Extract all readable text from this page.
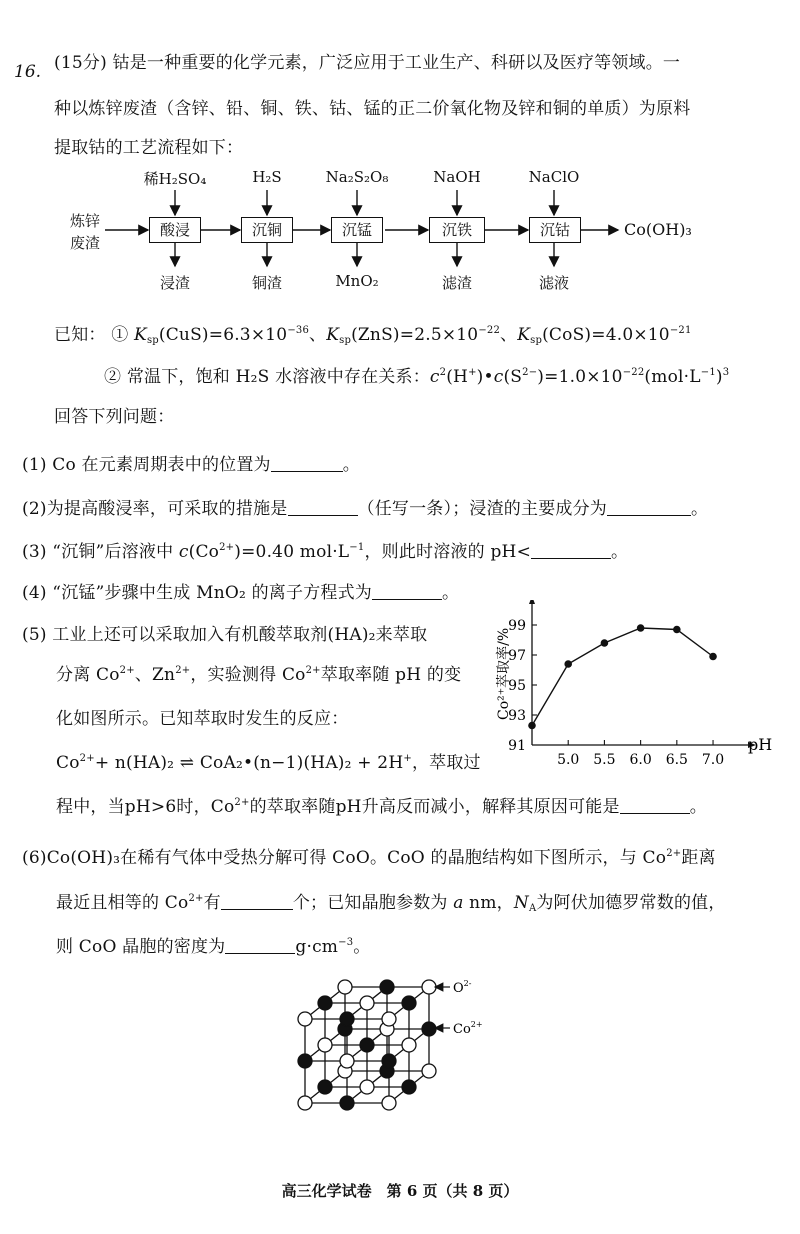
16. (15分) 钴是一种重要的化学元素，广泛应用于工业生产、科研以及医疗等领域。一
种以炼锌废渣（含锌、铅、铜、铁、钴、锰的正二价氧化物及锌和铜的单质）为原料
提取钴的工艺流程如下：
炼锌
废渣
稀H₂SO₄	H₂S	Na₂S₂O₈	NaOH	NaClO
酸浸	沉铜	沉锰	沉铁	沉钴	Co(OH)₃
浸渣	铜渣	MnO₂	滤渣	滤液
已知： ① $K_{sp}(CuS)=6.3\times 10^{-36}$、$K_{sp}(ZnS)=2.5\times 10^{-22}$、$K_{sp}(CoS)=4.0\times 10^{-21}$
② 常温下，饱和 H₂S 水溶液中存在关系：$c^2(H^+)•c(S^{2-})=1.0\times 10^{-22}(mol\cdot L^{-1})^3$
回答下列问题：
(1) Co 在元素周期表中的位置为	。
(2)为提高酸浸率，可采取的措施是	（任写一条）；浸渣的主要成分为	。
(3) “沉铜”后溶液中 $c(Co^{2+})=0.40$ $mol\cdot L^{-1}$，则此时溶液的 pH<	。
(4) “沉锰”步骤中生成 MnO₂ 的离子方程式为	。
(5) 工业上还可以采取加入有机酸萃取剂(HA)₂来萃取
分离 $Co^{2+}$、$Zn^{2+}$，实验测得 $Co^{2+}$萃取率随 pH 的变
化如图所示。已知萃取时发生的反应：
$Co^{2+}+ n(HA)_2$ ⇌ CoA₂•(n−1)(HA)₂ + 2H+，萃取过
程中，当pH>6时，$Co^{2+}$的萃取率随pH升高反而减小，解释其原因可能是	。
91
93
95
97
99
5.0 5.5 6.0 6.5 7.0
Co²⁺萃取率/%
pH
(6)Co(OH)₃在稀有气体中受热分解可得 CoO。CoO 的晶胞结构如下图所示，与 $Co^{2+}$距离
最近且相等的 $Co^{2+}$有	个；已知晶胞参数为 a nm，$N_A$为阿伏加德罗常数的值，
则 CoO 晶胞的密度为	$g\cdot cm^{-3}$。
$O^{2-}$
$Co^{2+}$
高三化学试卷　第 6 页（共 8 页）
